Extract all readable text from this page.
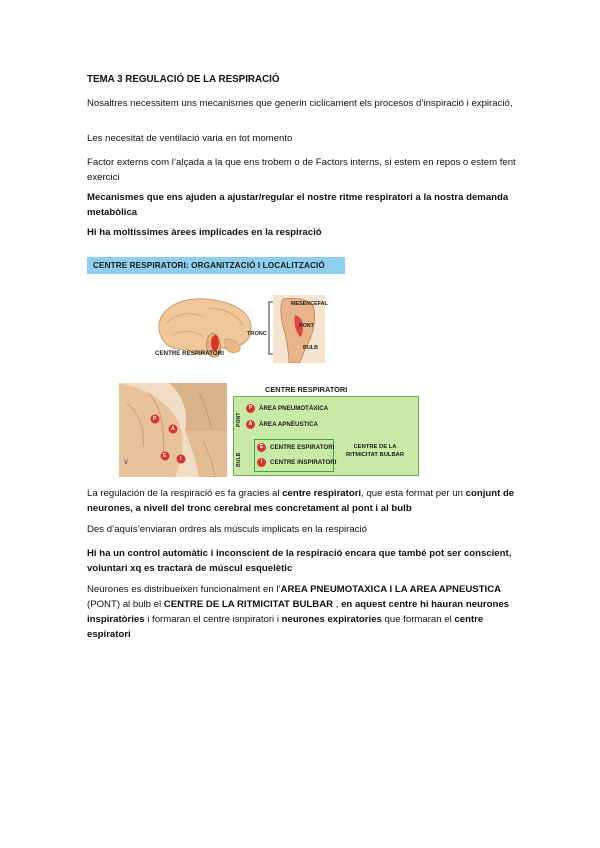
TEMA 3 REGULACIÓ DE LA RESPIRACIÓ

Nosaltres necessitem uns mecanismes que generin ciclicament els procesos d’inspiració i expiració,

Les necesitat de ventilació varia en tot momento

Factor externs com l’alçada a la que ens trobem o de Factors interns, si estem en repos o estem fent exercici

Mecanismes que ens ajuden a ajustar/regular el nostre ritme respiratori a la nostra demanda metabòlica

Hi ha moltíssimes àrees implicades en la respiració

CENTRE RESPIRATORI: ORGANITZACIÓ I LOCALITZACIÓ
CENTRE RESPIRATORI
TRONC
MESENCEFAL
PONT
BULB
P
A
E	I
V
CENTRE RESPIRATORI
PONT
BULB
P	ÀREA PNEUMOTÀXICA
A	ÀREA APNÈUSTICA
E	CENTRE ESPIRATORI
I	CENTRE INSPIRATORI
CENTRE DE LA RITMICITAT BULBAR

La regulación de la respiració es fa gracies al centre respiratori, que esta format per un conjunt de neurones, a nivell del tronc cerebral mes concretament al pont i al bulb

Des d’aquís’enviaran ordres als músculs implicats en la respiració

Hi ha un control automàtic i inconscient de la respiració encara que també pot ser conscient, voluntari xq es tractarà de múscul esquelètic

Neurones es distribueixen funcionalment en l’AREA PNEUMOTAXICA I LA AREA APNEUSTICA (PONT) al bulb el CENTRE DE LA RITMICITAT BULBAR , en aquest centre hi hauran neurones inspiratòries i formaran el centre isnpiratori i neurones expiratories que formaran el centre espiratori
